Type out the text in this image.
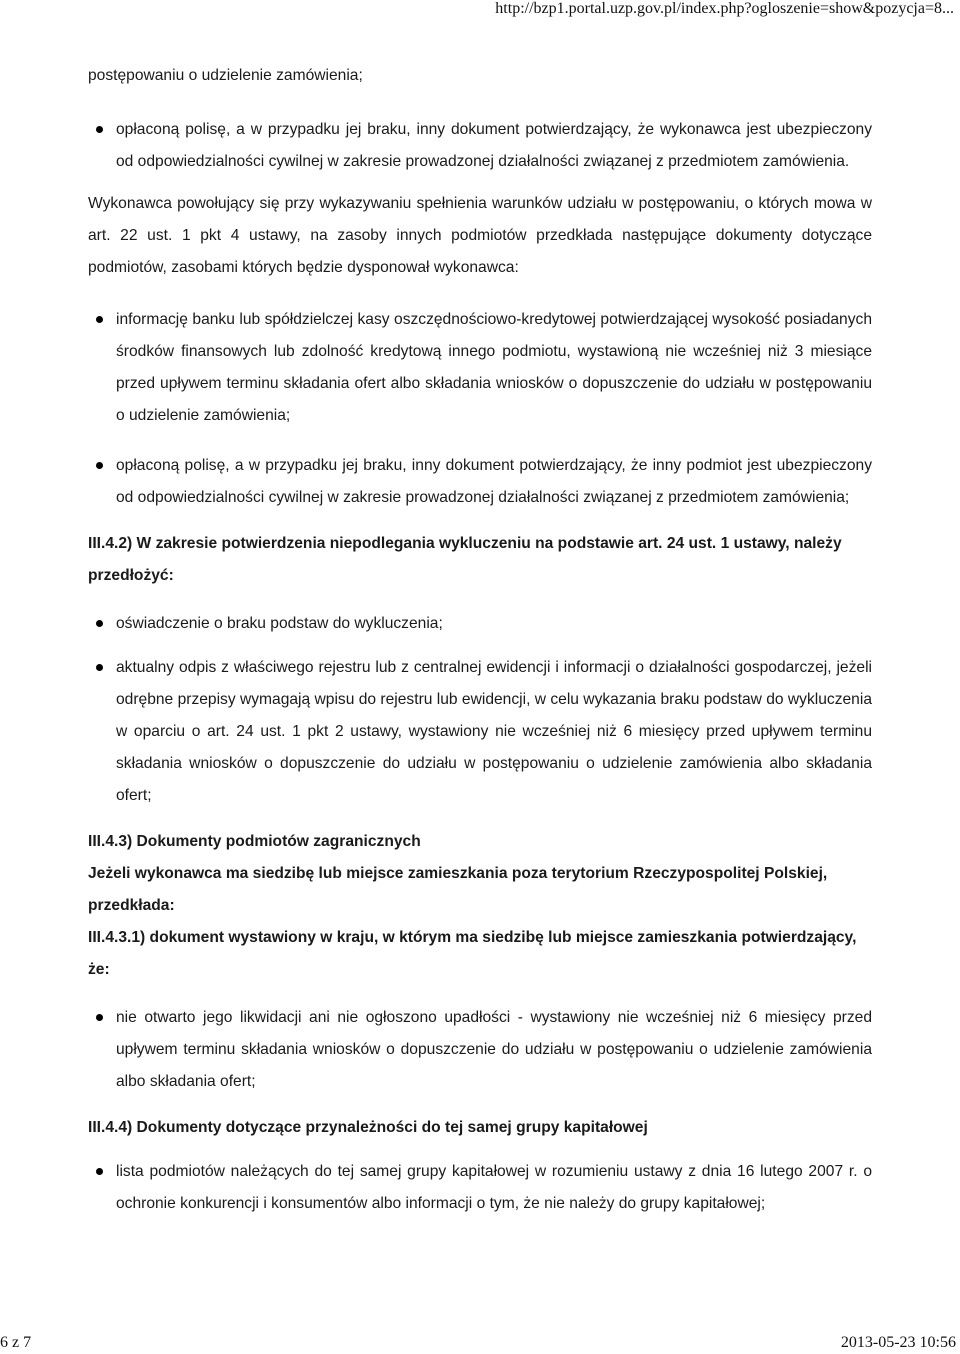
http://bzp1.portal.uzp.gov.pl/index.php?ogloszenie=show&pozycja=8...

postępowaniu o udzielenie zamówienia;

opłaconą polisę, a w przypadku jej braku, inny dokument potwierdzający, że wykonawca jest ubezpieczony od odpowiedzialności cywilnej w zakresie prowadzonej działalności związanej z przedmiotem zamówienia.

Wykonawca powołujący się przy wykazywaniu spełnienia warunków udziału w postępowaniu, o których mowa w art. 22 ust. 1 pkt 4 ustawy, na zasoby innych podmiotów przedkłada następujące dokumenty dotyczące podmiotów, zasobami których będzie dysponował wykonawca:

informację banku lub spółdzielczej kasy oszczędnościowo-kredytowej potwierdzającej wysokość posiadanych środków finansowych lub zdolność kredytową innego podmiotu, wystawioną nie wcześniej niż 3 miesiące przed upływem terminu składania ofert albo składania wniosków o dopuszczenie do udziału w postępowaniu o udzielenie zamówienia;
opłaconą polisę, a w przypadku jej braku, inny dokument potwierdzający, że inny podmiot jest ubezpieczony od odpowiedzialności cywilnej w zakresie prowadzonej działalności związanej z przedmiotem zamówienia;

III.4.2) W zakresie potwierdzenia niepodlegania wykluczeniu na podstawie art. 24 ust. 1 ustawy, należy przedłożyć:

oświadczenie o braku podstaw do wykluczenia;
aktualny odpis z właściwego rejestru lub z centralnej ewidencji i informacji o działalności gospodarczej, jeżeli odrębne przepisy wymagają wpisu do rejestru lub ewidencji, w celu wykazania braku podstaw do wykluczenia w oparciu o art. 24 ust. 1 pkt 2 ustawy, wystawiony nie wcześniej niż 6 miesięcy przed upływem terminu składania wniosków o dopuszczenie do udziału w postępowaniu o udzielenie zamówienia albo składania ofert;

III.4.3) Dokumenty podmiotów zagranicznych

Jeżeli wykonawca ma siedzibę lub miejsce zamieszkania poza terytorium Rzeczypospolitej Polskiej, przedkłada:

III.4.3.1) dokument wystawiony w kraju, w którym ma siedzibę lub miejsce zamieszkania potwierdzający, że:

nie otwarto jego likwidacji ani nie ogłoszono upadłości - wystawiony nie wcześniej niż 6 miesięcy przed upływem terminu składania wniosków o dopuszczenie do udziału w postępowaniu o udzielenie zamówienia albo składania ofert;

III.4.4) Dokumenty dotyczące przynależności do tej samej grupy kapitałowej

lista podmiotów należących do tej samej grupy kapitałowej w rozumieniu ustawy z dnia 16 lutego 2007 r. o ochronie konkurencji i konsumentów albo informacji o tym, że nie należy do grupy kapitałowej;
6 z 7	2013-05-23 10:56
